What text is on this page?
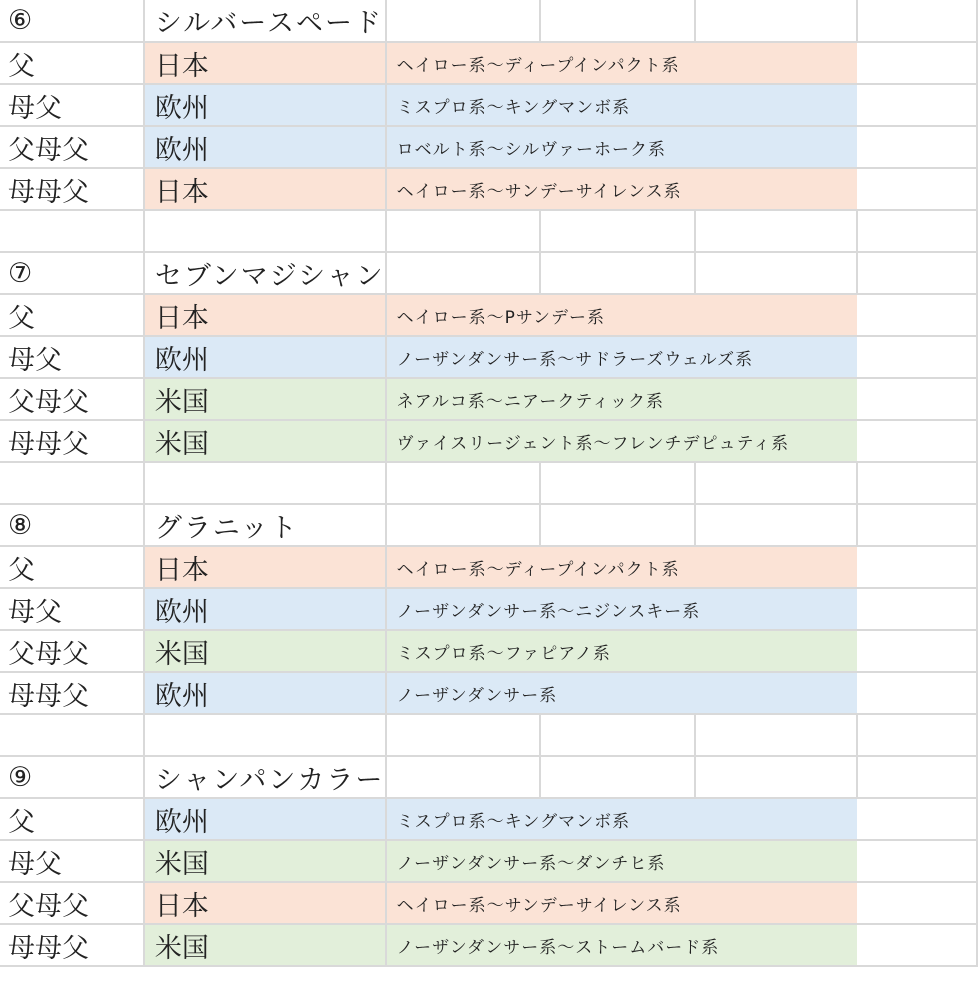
⑥	シルバースペード				
父	日本	ヘイロー系〜ディープインパクト系			
母父	欧州	ミスプロ系〜キングマンボ系			
父母父	欧州	ロベルト系〜シルヴァーホーク系			
母母父	日本	ヘイロー系〜サンデーサイレンス系			

⑦	セブンマジシャン				
父	日本	ヘイロー系〜Pサンデー系			
母父	欧州	ノーザンダンサー系〜サドラーズウェルズ系			
父母父	米国	ネアルコ系〜ニアークティック系			
母母父	米国	ヴァイスリージェント系〜フレンチデピュティ系			

⑧	グラニット				
父	日本	ヘイロー系〜ディープインパクト系			
母父	欧州	ノーザンダンサー系〜ニジンスキー系			
父母父	米国	ミスプロ系〜ファピアノ系			
母母父	欧州	ノーザンダンサー系			

⑨	シャンパンカラー				
父	欧州	ミスプロ系〜キングマンボ系			
母父	米国	ノーザンダンサー系〜ダンチヒ系			
父母父	日本	ヘイロー系〜サンデーサイレンス系			
母母父	米国	ノーザンダンサー系〜ストームバード系			
